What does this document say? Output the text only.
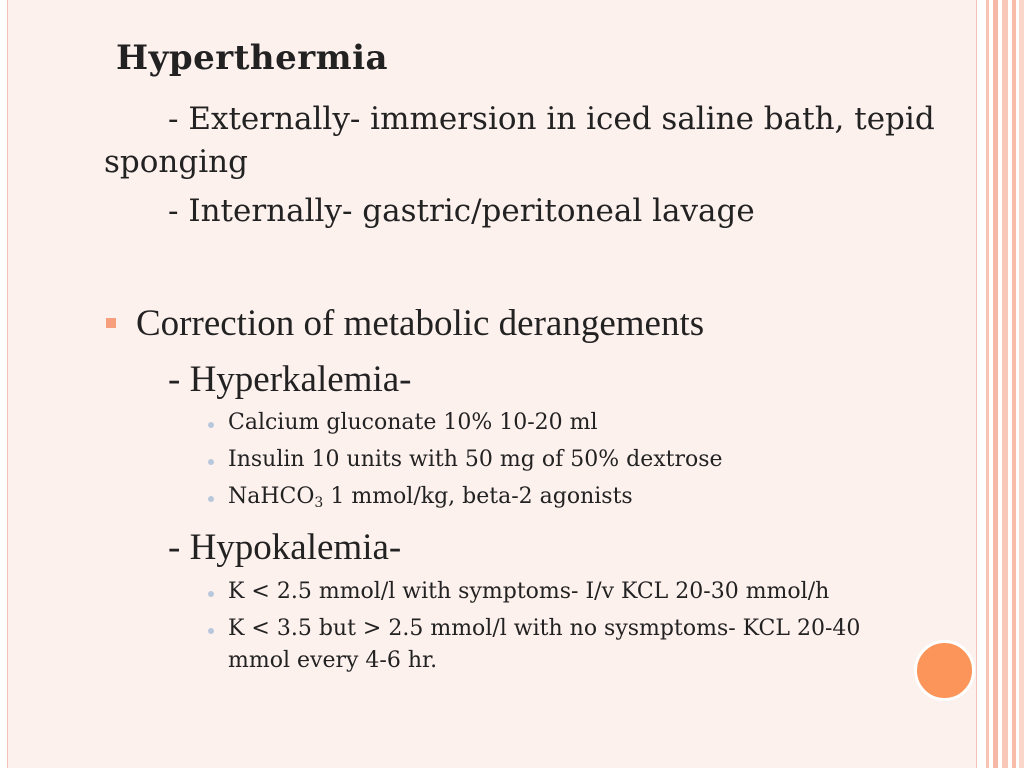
Hyperthermia
- Externally- immersion in iced saline bath, tepid
sponging
- Internally- gastric/peritoneal lavage
Correction of metabolic derangements
- Hyperkalemia-
Calcium gluconate 10% 10-20 ml
Insulin 10 units with 50 mg of 50% dextrose
NaHCO$_3$ 1 mmol/kg, beta-2 agonists
- Hypokalemia-
K < 2.5 mmol/l with symptoms- I/v KCL 20-30 mmol/h
K < 3.5 but > 2.5 mmol/l with no sysmptoms- KCL 20-40
mmol every 4-6 hr.
